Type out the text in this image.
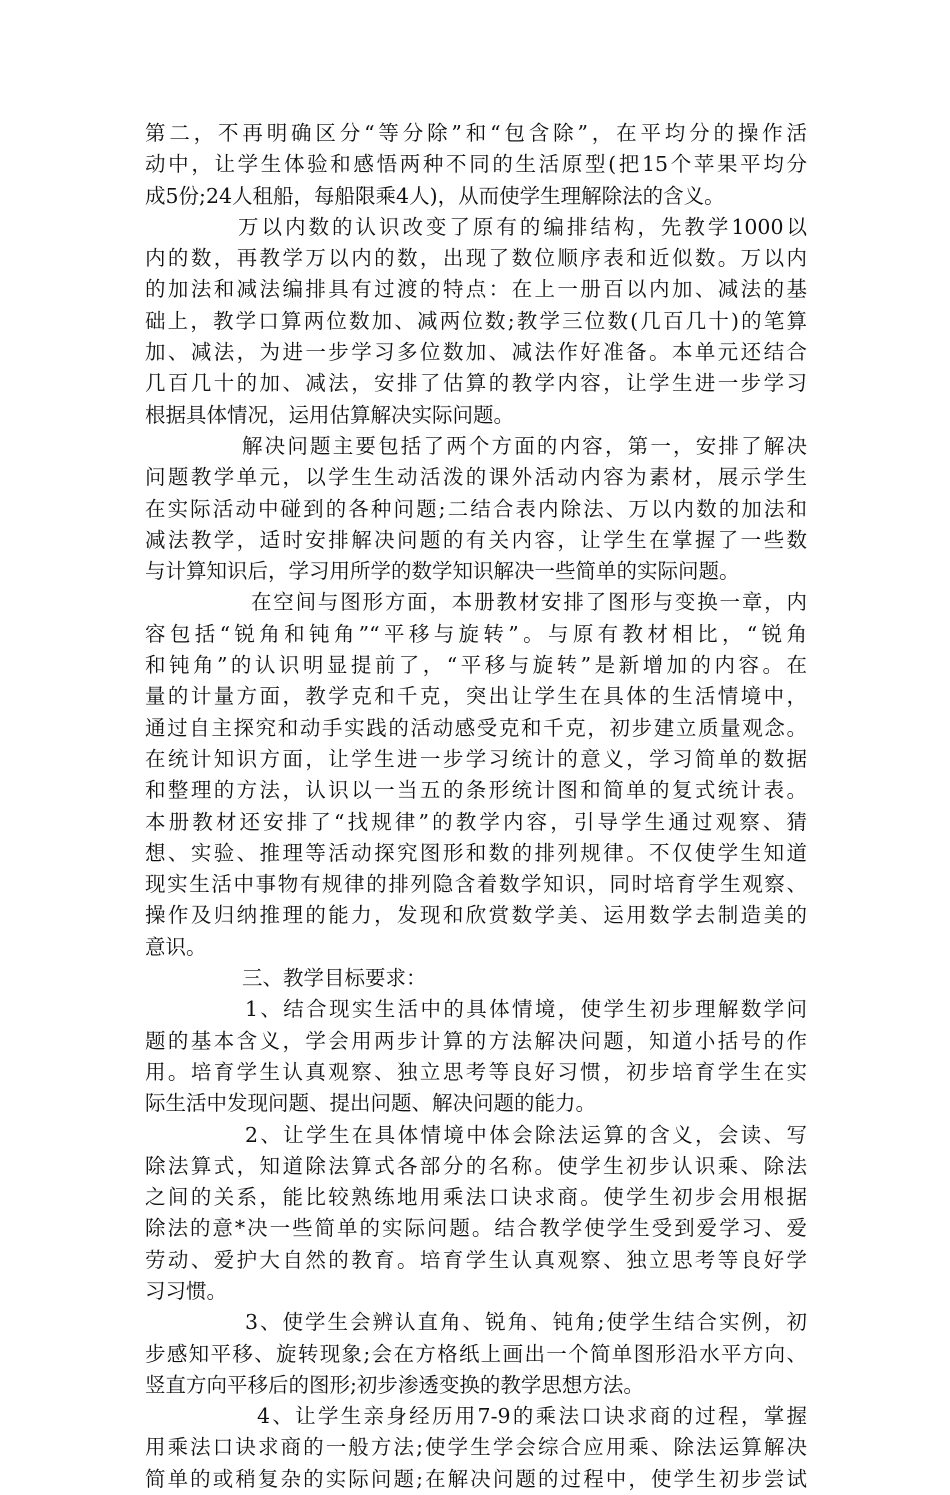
第二，不再明确区分“等分除”和“包含除”，在平均分的操作活
动中，让学生体验和感悟两种不同的生活原型(把15个苹果平均分
成5份;24人租船，每船限乘4人)，从而使学生理解除法的含义。
万以内数的认识改变了原有的编排结构，先教学1000以
内的数，再教学万以内的数，出现了数位顺序表和近似数。万以内
的加法和减法编排具有过渡的特点：在上一册百以内加、减法的基
础上，教学口算两位数加、减两位数;教学三位数(几百几十)的笔算
加、减法，为进一步学习多位数加、减法作好准备。本单元还结合
几百几十的加、减法，安排了估算的教学内容，让学生进一步学习
根据具体情况，运用估算解决实际问题。
解决问题主要包括了两个方面的内容，第一，安排了解决
问题教学单元，以学生生动活泼的课外活动内容为素材，展示学生
在实际活动中碰到的各种问题;二结合表内除法、万以内数的加法和
减法教学，适时安排解决问题的有关内容，让学生在掌握了一些数
与计算知识后，学习用所学的数学知识解决一些简单的实际问题。
在空间与图形方面，本册教材安排了图形与变换一章，内
容包括“锐角和钝角”“平移与旋转”。与原有教材相比，“锐角
和钝角”的认识明显提前了，“平移与旋转”是新增加的内容。在
量的计量方面，教学克和千克，突出让学生在具体的生活情境中，
通过自主探究和动手实践的活动感受克和千克，初步建立质量观念。
在统计知识方面，让学生进一步学习统计的意义，学习简单的数据
和整理的方法，认识以一当五的条形统计图和简单的复式统计表。
本册教材还安排了“找规律”的教学内容，引导学生通过观察、猜
想、实验、推理等活动探究图形和数的排列规律。不仅使学生知道
现实生活中事物有规律的排列隐含着数学知识，同时培育学生观察、
操作及归纳推理的能力，发现和欣赏数学美、运用数学去制造美的
意识。
三、教学目标要求：
1、结合现实生活中的具体情境，使学生初步理解数学问
题的基本含义，学会用两步计算的方法解决问题，知道小括号的作
用。培育学生认真观察、独立思考等良好习惯，初步培育学生在实
际生活中发现问题、提出问题、解决问题的能力。
2、让学生在具体情境中体会除法运算的含义，会读、写
除法算式，知道除法算式各部分的名称。使学生初步认识乘、除法
之间的关系，能比较熟练地用乘法口诀求商。使学生初步会用根据
除法的意*决一些简单的实际问题。结合教学使学生受到爱学习、爱
劳动、爱护大自然的教育。培育学生认真观察、独立思考等良好学
习习惯。
3、使学生会辨认直角、锐角、钝角;使学生结合实例，初
步感知平移、旋转现象;会在方格纸上画出一个简单图形沿水平方向、
竖直方向平移后的图形;初步渗透变换的教学思想方法。
4、让学生亲身经历用7-9的乘法口诀求商的过程，掌握
用乘法口诀求商的一般方法;使学生学会综合应用乘、除法运算解决
简单的或稍复杂的实际问题;在解决问题的过程中，使学生初步尝试
